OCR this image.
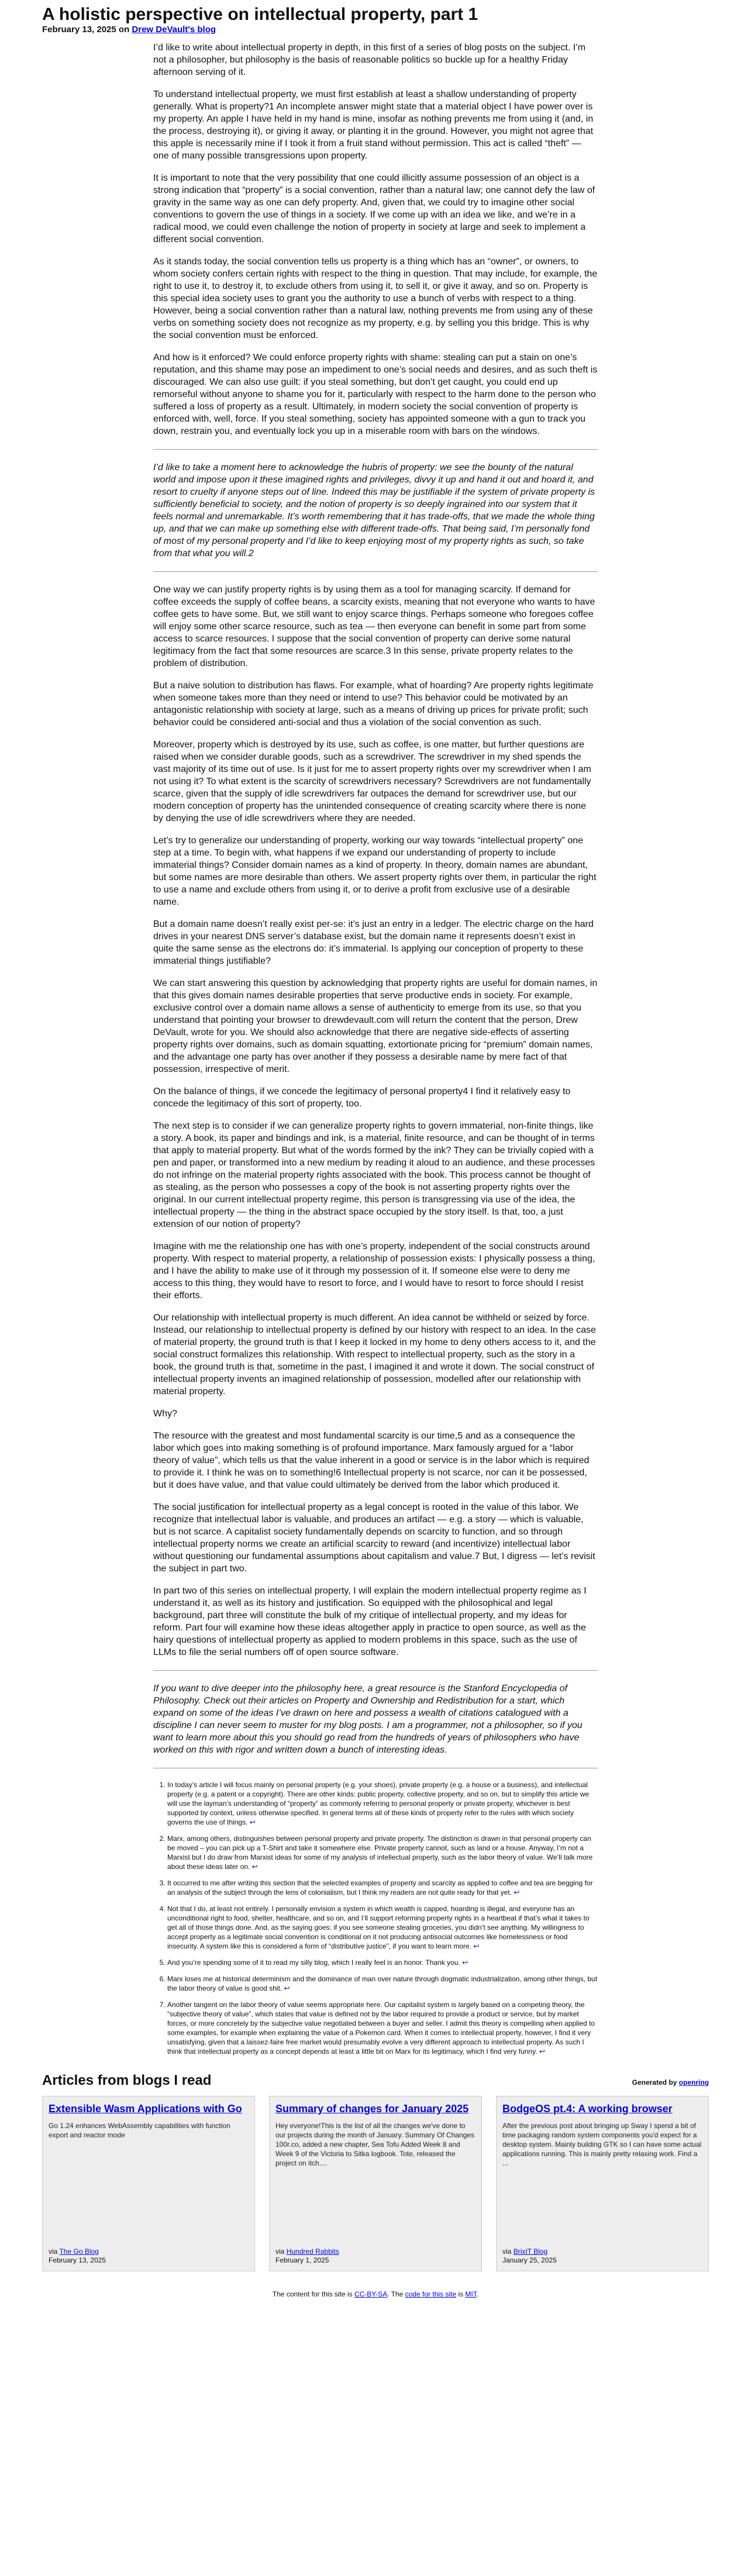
A holistic perspective on intellectual property, part 1

February 13, 2025 on Drew DeVault's blog

I’d like to write about intellectual property in depth, in this first of a series of blog posts on the subject. I’m not a philosopher, but philosophy is the basis of reasonable politics so buckle up for a healthy Friday afternoon serving of it.

To understand intellectual property, we must first establish at least a shallow understanding of property generally. What is property?1 An incomplete answer might state that a material object I have power over is my property. An apple I have held in my hand is mine, insofar as nothing prevents me from using it (and, in the process, destroying it), or giving it away, or planting it in the ground. However, you might not agree that this apple is necessarily mine if I took it from a fruit stand without permission. This act is called “theft” — one of many possible transgressions upon property.

It is important to note that the very possibility that one could illicitly assume possession of an object is a strong indication that “property” is a social convention, rather than a natural law; one cannot defy the law of gravity in the same way as one can defy property. And, given that, we could try to imagine other social conventions to govern the use of things in a society. If we come up with an idea we like, and we’re in a radical mood, we could even challenge the notion of property in society at large and seek to implement a different social convention.

As it stands today, the social convention tells us property is a thing which has an “owner”, or owners, to whom society confers certain rights with respect to the thing in question. That may include, for example, the right to use it, to destroy it, to exclude others from using it, to sell it, or give it away, and so on. Property is this special idea society uses to grant you the authority to use a bunch of verbs with respect to a thing. However, being a social convention rather than a natural law, nothing prevents me from using any of these verbs on something society does not recognize as my property, e.g. by selling you this bridge. This is why the social convention must be enforced.

And how is it enforced? We could enforce property rights with shame: stealing can put a stain on one’s reputation, and this shame may pose an impediment to one’s social needs and desires, and as such theft is discouraged. We can also use guilt: if you steal something, but don’t get caught, you could end up remorseful without anyone to shame you for it, particularly with respect to the harm done to the person who suffered a loss of property as a result. Ultimately, in modern society the social convention of property is enforced with, well, force. If you steal something, society has appointed someone with a gun to track you down, restrain you, and eventually lock you up in a miserable room with bars on the windows.

I’d like to take a moment here to acknowledge the hubris of property: we see the bounty of the natural world and impose upon it these imagined rights and privileges, divvy it up and hand it out and hoard it, and resort to cruelty if anyone steps out of line. Indeed this may be justifiable if the system of private property is sufficiently beneficial to society, and the notion of property is so deeply ingrained into our system that it feels normal and unremarkable. It’s worth remembering that it has trade-offs, that we made the whole thing up, and that we can make up something else with different trade-offs. That being said, I’m personally fond of most of my personal property and I’d like to keep enjoying most of my property rights as such, so take from that what you will.2

One way we can justify property rights is by using them as a tool for managing scarcity. If demand for coffee exceeds the supply of coffee beans, a scarcity exists, meaning that not everyone who wants to have coffee gets to have some. But, we still want to enjoy scarce things. Perhaps someone who foregoes coffee will enjoy some other scarce resource, such as tea — then everyone can benefit in some part from some access to scarce resources. I suppose that the social convention of property can derive some natural legitimacy from the fact that some resources are scarce.3 In this sense, private property relates to the problem of distribution.

But a naive solution to distribution has flaws. For example, what of hoarding? Are property rights legitimate when someone takes more than they need or intend to use? This behavior could be motivated by an antagonistic relationship with society at large, such as a means of driving up prices for private profit; such behavior could be considered anti-social and thus a violation of the social convention as such.

Moreover, property which is destroyed by its use, such as coffee, is one matter, but further questions are raised when we consider durable goods, such as a screwdriver. The screwdriver in my shed spends the vast majority of its time out of use. Is it just for me to assert property rights over my screwdriver when I am not using it? To what extent is the scarcity of screwdrivers necessary? Screwdrivers are not fundamentally scarce, given that the supply of idle screwdrivers far outpaces the demand for screwdriver use, but our modern conception of property has the unintended consequence of creating scarcity where there is none by denying the use of idle screwdrivers where they are needed.

Let’s try to generalize our understanding of property, working our way towards “intellectual property” one step at a time. To begin with, what happens if we expand our understanding of property to include immaterial things? Consider domain names as a kind of property. In theory, domain names are abundant, but some names are more desirable than others. We assert property rights over them, in particular the right to use a name and exclude others from using it, or to derive a profit from exclusive use of a desirable name.

But a domain name doesn’t really exist per-se: it’s just an entry in a ledger. The electric charge on the hard drives in your nearest DNS server’s database exist, but the domain name it represents doesn’t exist in quite the same sense as the electrons do: it’s immaterial. Is applying our conception of property to these immaterial things justifiable?

We can start answering this question by acknowledging that property rights are useful for domain names, in that this gives domain names desirable properties that serve productive ends in society. For example, exclusive control over a domain name allows a sense of authenticity to emerge from its use, so that you understand that pointing your browser to drewdevault.com will return the content that the person, Drew DeVault, wrote for you. We should also acknowledge that there are negative side-effects of asserting property rights over domains, such as domain squatting, extortionate pricing for “premium” domain names, and the advantage one party has over another if they possess a desirable name by mere fact of that possession, irrespective of merit.

On the balance of things, if we concede the legitimacy of personal property4 I find it relatively easy to concede the legitimacy of this sort of property, too.

The next step is to consider if we can generalize property rights to govern immaterial, non-finite things, like a story. A book, its paper and bindings and ink, is a material, finite resource, and can be thought of in terms that apply to material property. But what of the words formed by the ink? They can be trivially copied with a pen and paper, or transformed into a new medium by reading it aloud to an audience, and these processes do not infringe on the material property rights associated with the book. This process cannot be thought of as stealing, as the person who possesses a copy of the book is not asserting property rights over the original. In our current intellectual property regime, this person is transgressing via use of the idea, the intellectual property — the thing in the abstract space occupied by the story itself. Is that, too, a just extension of our notion of property?

Imagine with me the relationship one has with one’s property, independent of the social constructs around property. With respect to material property, a relationship of possession exists: I physically possess a thing, and I have the ability to make use of it through my possession of it. If someone else were to deny me access to this thing, they would have to resort to force, and I would have to resort to force should I resist their efforts.

Our relationship with intellectual property is much different. An idea cannot be withheld or seized by force. Instead, our relationship to intellectual property is defined by our history with respect to an idea. In the case of material property, the ground truth is that I keep it locked in my home to deny others access to it, and the social construct formalizes this relationship. With respect to intellectual property, such as the story in a book, the ground truth is that, sometime in the past, I imagined it and wrote it down. The social construct of intellectual property invents an imagined relationship of possession, modelled after our relationship with material property.

Why?

The resource with the greatest and most fundamental scarcity is our time,5 and as a consequence the labor which goes into making something is of profound importance. Marx famously argued for a “labor theory of value”, which tells us that the value inherent in a good or service is in the labor which is required to provide it. I think he was on to something!6 Intellectual property is not scarce, nor can it be possessed, but it does have value, and that value could ultimately be derived from the labor which produced it.

The social justification for intellectual property as a legal concept is rooted in the value of this labor. We recognize that intellectual labor is valuable, and produces an artifact — e.g. a story — which is valuable, but is not scarce. A capitalist society fundamentally depends on scarcity to function, and so through intellectual property norms we create an artificial scarcity to reward (and incentivize) intellectual labor without questioning our fundamental assumptions about capitalism and value.7 But, I digress — let’s revisit the subject in part two.

In part two of this series on intellectual property, I will explain the modern intellectual property regime as I understand it, as well as its history and justification. So equipped with the philosophical and legal background, part three will constitute the bulk of my critique of intellectual property, and my ideas for reform. Part four will examine how these ideas altogether apply in practice to open source, as well as the hairy questions of intellectual property as applied to modern problems in this space, such as the use of LLMs to file the serial numbers off of open source software.

If you want to dive deeper into the philosophy here, a great resource is the Stanford Encyclopedia of Philosophy. Check out their articles on Property and Ownership and Redistribution for a start, which expand on some of the ideas I’ve drawn on here and possess a wealth of citations catalogued with a discipline I can never seem to muster for my blog posts. I am a programmer, not a philosopher, so if you want to learn more about this you should go read from the hundreds of years of philosophers who have worked on this with rigor and written down a bunch of interesting ideas.

1. In today’s article I will focus mainly on personal property (e.g. your shoes), private property (e.g. a house or a business), and intellectual property (e.g. a patent or a copyright). There are other kinds: public property, collective property, and so on, but to simplify this article we will use the layman’s understanding of “property” as commonly referring to personal property or private property, whichever is best supported by context, unless otherwise specified. In general terms all of these kinds of property refer to the rules with which society governs the use of things. ↩
2. Marx, among others, distinguishes between personal property and private property. The distinction is drawn in that personal property can be moved – you can pick up a T-Shirt and take it somewhere else. Private property cannot, such as land or a house. Anyway, I’m not a Marxist but I do draw from Marxist ideas for some of my analysis of intellectual property, such as the labor theory of value. We’ll talk more about these ideas later on. ↩
3. It occurred to me after writing this section that the selected examples of property and scarcity as applied to coffee and tea are begging for an analysis of the subject through the lens of colonialism, but I think my readers are not quite ready for that yet. ↩
4. Not that I do, at least not entirely. I personally envision a system in which wealth is capped, hoarding is illegal, and everyone has an unconditional right to food, shelter, healthcare, and so on, and I’ll support reforming property rights in a heartbeat if that’s what it takes to get all of those things done. And, as the saying goes: if you see someone stealing groceries, you didn’t see anything. My willingness to accept property as a legitimate social convention is conditional on it not producing antisocial outcomes like homelessness or food insecurity. A system like this is considered a form of “distributive justice”, if you want to learn more. ↩
5. And you’re spending some of it to read my silly blog, which I really feel is an honor. Thank you. ↩
6. Marx loses me at historical determinism and the dominance of man over nature through dogmatic industrialization, among other things, but the labor theory of value is good shit. ↩
7. Another tangent on the labor theory of value seems appropriate here. Our capitalist system is largely based on a competing theory, the “subjective theory of value”, which states that value is defined not by the labor required to provide a product or service, but by market forces, or more concretely by the subjective value negotiated between a buyer and seller. I admit this theory is compelling when applied to some examples, for example when explaining the value of a Pokemon card. When it comes to intellectual property, however, I find it very unsatisfying, given that a laissez-faire free market would presumably evolve a very different approach to intellectual property. As such I think that intellectual property as a concept depends at least a little bit on Marx for its legitimacy, which I find very funny. ↩
Articles from blogs I read	Generated by openring
Extensible Wasm Applications with Go
Go 1.24 enhances WebAssembly capabilities with function export and reactor mode
via The Go Blog
February 13, 2025
Summary of changes for January 2025
Hey everyone!This is the list of all the changes we've done to our projects during the month of January. Summary Of Changes 100r.co, added a new chapter, Sea Tofu Added Week 8 and Week 9 of the Victoria to Sitka logbook. Tote, released the project on itch....
via Hundred Rabbits
February 1, 2025
BodgeOS pt.4: A working browser
After the previous post about bringing up Sway I spend a bit of time packaging random system components you'd expect for a desktop system. Mainly building GTK so I can have some actual applications running. This is mainly pretty relaxing work. Find a ...
via BrixIT Blog
January 25, 2025
The content for this site is CC-BY-SA. The code for this site is MIT.
